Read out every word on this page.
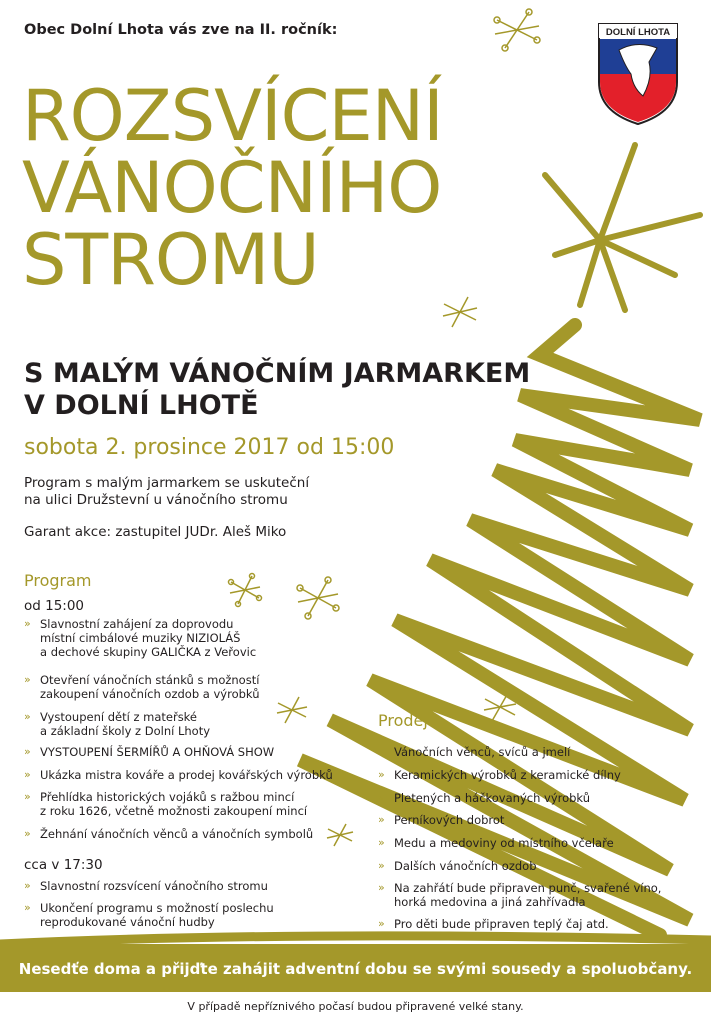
DOLNÍ LHOTA
Obec Dolní Lhota vás zve na II. ročník:
ROZSVÍCENÍ
VÁNOČNÍHO
STROMU
S MALÝM VÁNOČNÍM JARMARKEM
V DOLNÍ LHOTĚ
sobota 2. prosince 2017 od 15:00
Program s malým jarmarkem se uskuteční
na ulici Družstevní u vánočního stromu
Garant akce: zastupitel JUDr. Aleš Miko
Program
od 15:00
» Slavnostní zahájení za doprovodu
místní cimbálové muziky NIZIOLÁŠ
a dechové skupiny GALIČKA z Veřovic
» Otevření vánočních stánků s možností
zakoupení vánočních ozdob a výrobků
» Vystoupení dětí z mateřské
a základní školy z Dolní Lhoty
» VYSTOUPENÍ ŠERMÍŘŮ A OHŇOVÁ SHOW
» Ukázka mistra kováře a prodej kovářských výrobků
» Přehlídka historických vojáků s ražbou mincí
z roku 1626, včetně možnosti zakoupení mincí
» Žehnání vánočních věnců a vánočních symbolů
cca v 17:30
» Slavnostní rozsvícení vánočního stromu
» Ukončení programu s možností poslechu
reprodukované vánoční hudby
Prodej
» Vánočních věnců, svíců a jmelí
» Keramických výrobků z keramické dílny
» Pletených a háčkovaných výrobků
» Perníkových dobrot
» Medu a medoviny od místního včelaře
» Dalších vánočních ozdob
» Na zahřátí bude připraven punč, svařené víno,
horká medovina a jiná zahřívadla
» Pro děti bude připraven teplý čaj atd.
Nesedťe doma a přijďte zahájit adventní dobu se svými sousedy a spoluobčany.
V případě nepříznivého počasí budou připravené velké stany.
